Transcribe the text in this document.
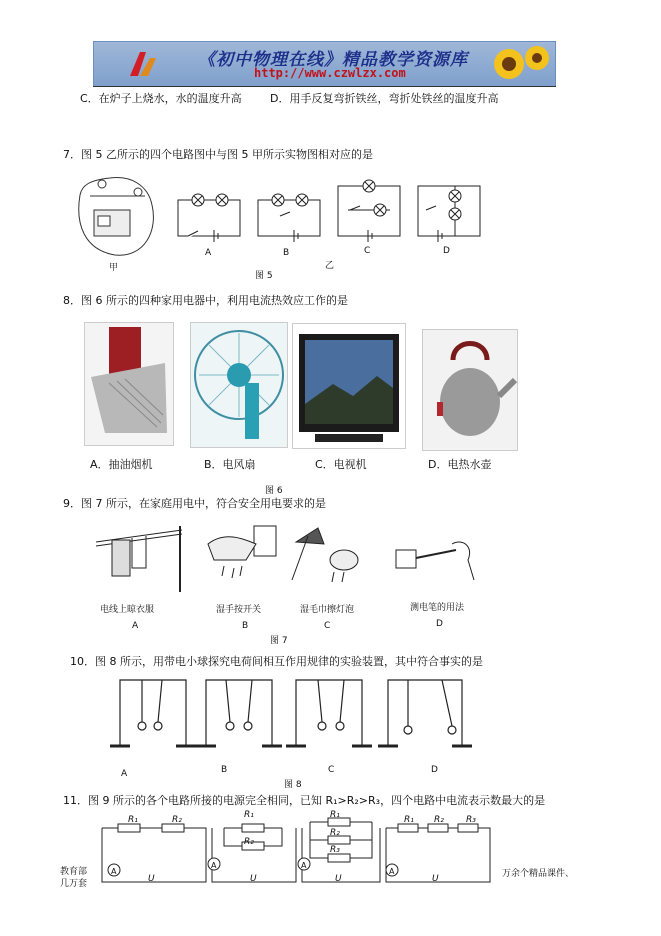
《初中物理在线》精品教学资源库
http://www.czwlzx.com
C．在炉子上烧水，水的温度升高	D．用手反复弯折铁丝，弯折处铁丝的温度升高
7．图 5 乙所示的四个电路图中与图 5 甲所示实物图相对应的是
甲
A	B	C	D
乙
图 5
8．图 6 所示的四种家用电器中，利用电流热效应工作的是
A．抽油烟机	B．电风扇	C．电视机	D．电热水壶
图 6
9．图 7 所示，在家庭用电中，符合安全用电要求的是
电线上晾衣服	湿手按开关	湿毛巾擦灯泡	测电笔的用法
A	B	C	D
图 7
10．图 8 所示，用带电小球探究电荷间相互作用规律的实验装置，其中符合事实的是
A	B	C	D
图 8
11．图 9 所示的各个电路所接的电源完全相同，已知 R₁>R₂>R₃，四个电路中电流表示数最大的是
A
A	A
A
R₁	R₂	R₁
R₂
R₁
R₂
R₃
R₁ R₂ R₃
U	U	U	U
教育部
几万套
万余个精品课件、
